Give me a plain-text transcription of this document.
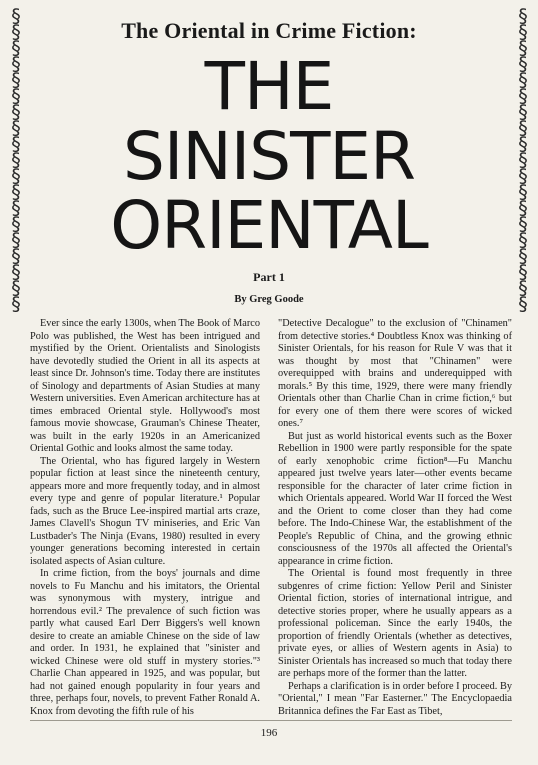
§
§
§
§
§
§
§
§
§
§
§
§
§
§
§
§
§
§
§
§
§
§
§
§
§
§
§
§
§
§
§
§
§
§
§
§
§
§
The Oriental in Crime Fiction:
THE
SINISTER
ORIENTAL
Part 1
By Greg Goode

Ever since the early 1300s, when The Book of Marco Polo was published, the West has been intrigued and mystified by the Orient. Orientalists and Sinologists have devotedly studied the Orient in all its aspects at least since Dr. Johnson's time. Today there are institutes of Sinology and departments of Asian Studies at many Western universities. Even American architecture has at times embraced Oriental style. Hollywood's most famous movie showcase, Grauman's Chinese Theater, was built in the early 1920s in an Americanized Oriental Gothic and looks almost the same today.

The Oriental, who has figured largely in Western popular fiction at least since the nineteenth century, appears more and more frequently today, and in almost every type and genre of popular literature.¹ Popular fads, such as the Bruce Lee-inspired martial arts craze, James Clavell's Shogun TV miniseries, and Eric Van Lustbader's The Ninja (Evans, 1980) resulted in every younger generations becoming interested in certain isolated aspects of Asian culture.

In crime fiction, from the boys' journals and dime novels to Fu Manchu and his imitators, the Oriental was synonymous with mystery, intrigue and horrendous evil.² The prevalence of such fiction was partly what caused Earl Derr Biggers's well known desire to create an amiable Chinese on the side of law and order. In 1931, he explained that "sinister and wicked Chinese were old stuff in mystery stories."³ Charlie Chan appeared in 1925, and was popular, but had not gained enough popularity in four years and three, perhaps four, novels, to prevent Father Ronald A. Knox from devoting the fifth rule of his

"Detective Decalogue" to the exclusion of "Chinamen" from detective stories.⁴ Doubtless Knox was thinking of Sinister Orientals, for his reason for Rule V was that it was thought by most that "Chinamen" were overequipped with brains and underequipped with morals.⁵ By this time, 1929, there were many friendly Orientals other than Charlie Chan in crime fiction,⁶ but for every one of them there were scores of wicked ones.⁷

But just as world historical events such as the Boxer Rebellion in 1900 were partly responsible for the spate of early xenophobic crime fiction⁸—Fu Manchu appeared just twelve years later—other events became responsible for the character of later crime fiction in which Orientals appeared. World War II forced the West and the Orient to come closer than they had come before. The Indo-Chinese War, the establishment of the People's Republic of China, and the growing ethnic consciousness of the 1970s all affected the Oriental's appearance in crime fiction.

The Oriental is found most frequently in three subgenres of crime fiction: Yellow Peril and Sinister Oriental fiction, stories of international intrigue, and detective stories proper, where he usually appears as a professional policeman. Since the early 1940s, the proportion of friendly Orientals (whether as detectives, private eyes, or allies of Western agents in Asia) to Sinister Orientals has increased so much that today there are perhaps more of the former than the latter.

Perhaps a clarification is in order before I proceed. By "Oriental," I mean "Far Easterner." The Encyclopaedia Britannica defines the Far East as Tibet,

196
